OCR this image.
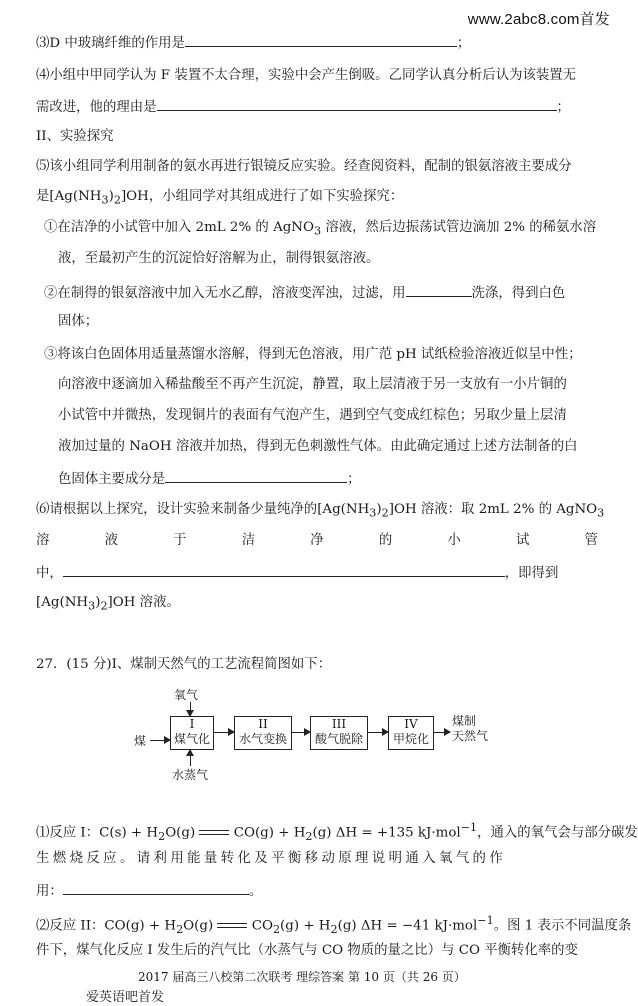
www.2abc8.com首发
⑶D 中玻璃纤维的作用是	；
⑷小组中甲同学认为 F 装置不太合理，实验中会产生倒吸。乙同学认真分析后认为该装置无
需改进，他的理由是	；
II、实验探究
⑸该小组同学利用制备的氨水再进行银镜反应实验。经查阅资料，配制的银氨溶液主要成分
是$[Ag(NH_3)_2]OH$，小组同学对其组成进行了如下实验探究：
①在洁净的小试管中加入 2mL 2% 的 AgNO$_3$ 溶液，然后边振荡试管边滴加 2% 的稀氨水溶
液，至最初产生的沉淀恰好溶解为止，制得银氨溶液。
②在制得的银氨溶液中加入无水乙醇，溶液变浑浊，过滤，用	洗涤，得到白色
固体；
③将该白色固体用适量蒸馏水溶解，得到无色溶液，用广范 pH 试纸检验溶液近似呈中性；
向溶液中逐滴加入稀盐酸至不再产生沉淀，静置，取上层清液于另一支放有一小片铜的
小试管中并微热，发现铜片的表面有气泡产生，遇到空气变成红棕色；另取少量上层清
液加过量的 NaOH 溶液并加热，得到无色刺激性气体。由此确定通过上述方法制备的白
色固体主要成分是	；
⑹请根据以上探究，设计实验来制备少量纯净的$[Ag(NH_3)_2]OH$ 溶液：取 2mL 2% 的 AgNO$_3$
溶	液	于	洁	净	的	小	试	管
中，	，即得到
$[Ag(NH_3)_2]OH$ 溶液。
27．(15 分)I、煤制天然气的工艺流程简图如下：
煤
氧气
水蒸气
I
煤气化
II
水气变换
III
酸气脱除
IV
甲烷化
煤制
天然气
⑴反应 I：$C(s) + H_2O(g)$	$CO(g) + H_2(g) \Delta H = +135$ kJ·mol$^{-1}$，通入的氧气会与部分碳发
生燃烧反应。请利用能量转化及平衡移动原理说明通入氧气的作
用：	。
⑵反应 II：$CO(g) + H_2O(g)$	$CO_2(g) + H_2(g) \Delta H = -41$ kJ·mol$^{-1}$。图 1 表示不同温度条
件下，煤气化反应 I 发生后的汽气比（水蒸气与 CO 物质的量之比）与 CO 平衡转化率的变
2017 届高三八校第二次联考 理综答案 第 10 页（共 26 页）
爱英语吧首发
